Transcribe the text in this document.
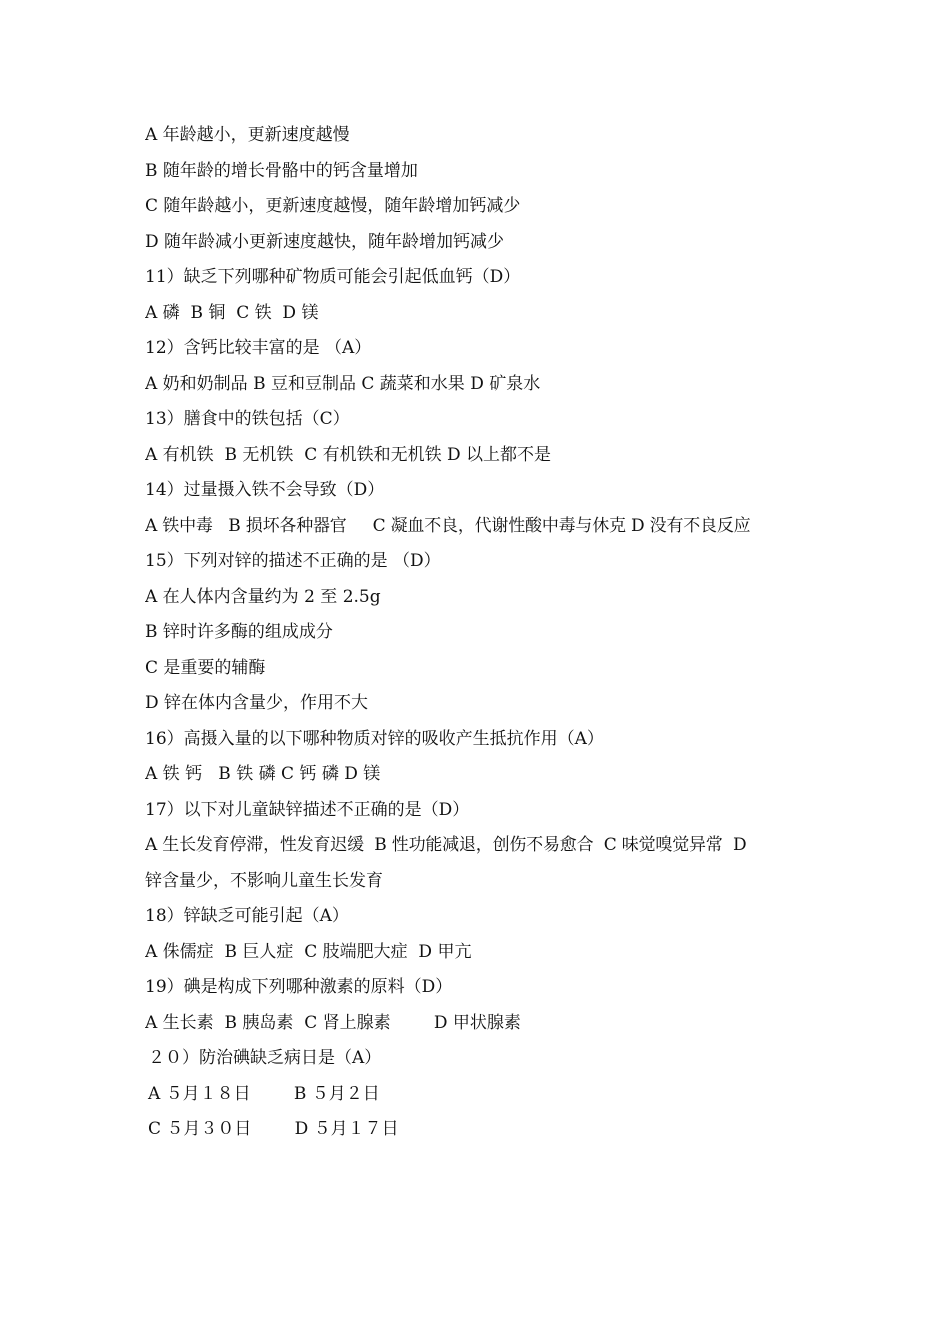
A 年龄越小，更新速度越慢
B 随年龄的增长骨骼中的钙含量增加
C 随年龄越小，更新速度越慢，随年龄增加钙减少
D 随年龄减小更新速度越快，随年龄增加钙减少
11）缺乏下列哪种矿物质可能会引起低血钙（D）
A 磷  B 铜  C 铁  D 镁
12）含钙比较丰富的是 （A）
A 奶和奶制品 B 豆和豆制品 C 蔬菜和水果 D 矿泉水
13）膳食中的铁包括（C）
A 有机铁  B 无机铁  C 有机铁和无机铁 D 以上都不是
14）过量摄入铁不会导致（D）
A 铁中毒   B 损坏各种器官     C 凝血不良，代谢性酸中毒与休克 D 没有不良反应
15）下列对锌的描述不正确的是 （D）
A 在人体内含量约为 2 至 2.5g
B 锌时许多酶的组成成分
C 是重要的辅酶
D 锌在体内含量少，作用不大
16）高摄入量的以下哪种物质对锌的吸收产生抵抗作用（A）
A 铁 钙   B 铁 磷 C 钙 磷 D 镁
17）以下对儿童缺锌描述不正确的是（D）
A 生长发育停滞，性发育迟缓  B 性功能减退，创伤不易愈合  C 味觉嗅觉异常  D
锌含量少，不影响儿童生长发育
18）锌缺乏可能引起（A）
A 侏儒症  B 巨人症  C 肢端肥大症  D 甲亢
19）碘是构成下列哪种激素的原料（D）
A 生长素  B 胰岛素  C 肾上腺素        D 甲状腺素
２０）防治碘缺乏病日是（A）
A ５月１８日        B ５月２日
C ５月３０日        D ５月１７日
